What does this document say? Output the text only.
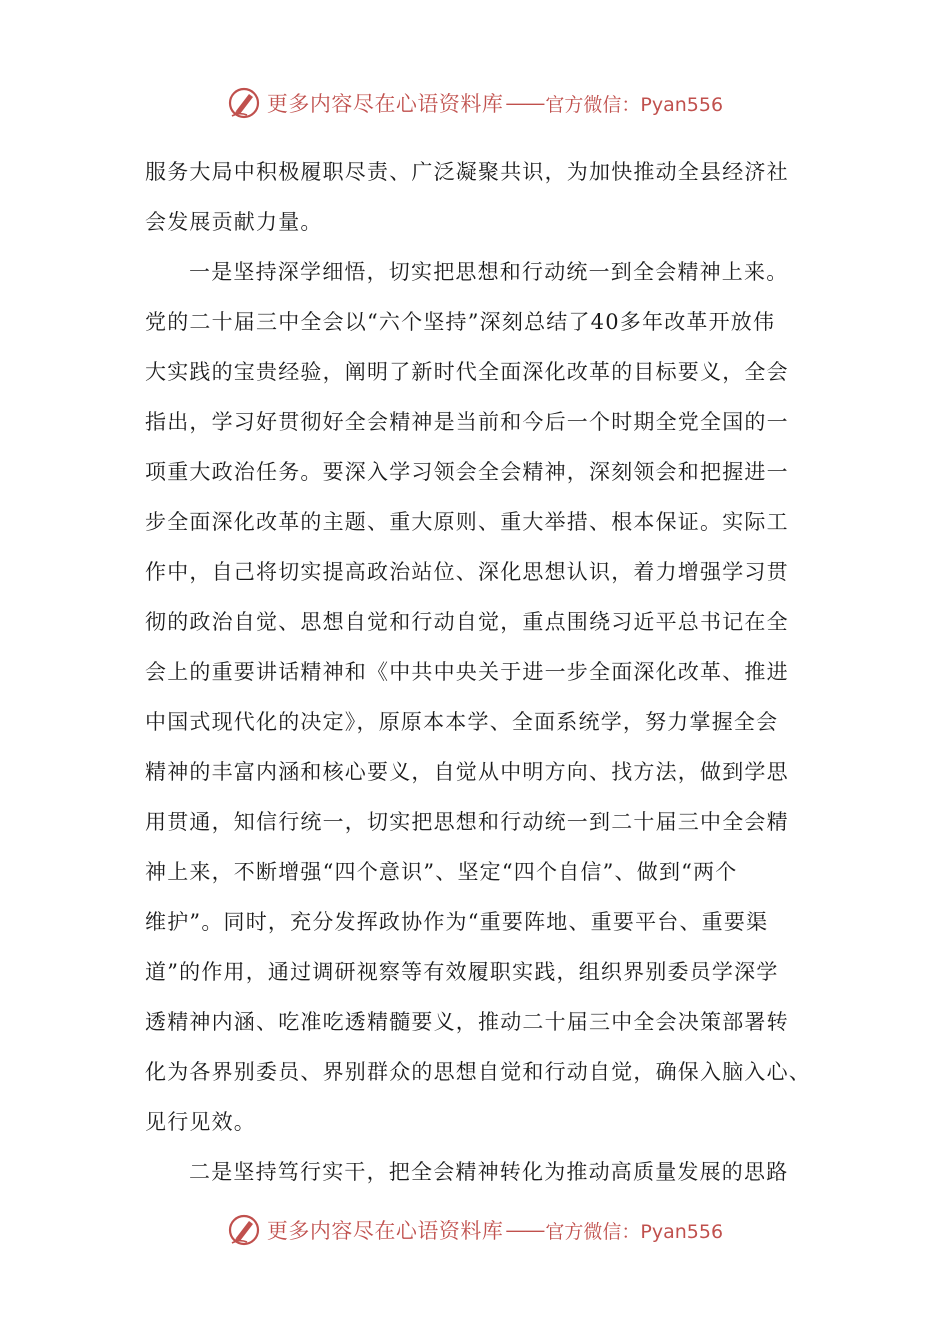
更多内容尽在心语资料库 —— 官方微信：Pyan556
服务大局中积极履职尽责、广泛凝聚共识，为加快推动全县经济社
会发展贡献力量。
一是坚持深学细悟，切实把思想和行动统一到全会精神上来。
党的二十届三中全会以“六个坚持”深刻总结了40多年改革开放伟
大实践的宝贵经验，阐明了新时代全面深化改革的目标要义，全会
指出，学习好贯彻好全会精神是当前和今后一个时期全党全国的一
项重大政治任务。要深入学习领会全会精神，深刻领会和把握进一
步全面深化改革的主题、重大原则、重大举措、根本保证。实际工
作中，自己将切实提高政治站位、深化思想认识，着力增强学习贯
彻的政治自觉、思想自觉和行动自觉，重点围绕习近平总书记在全
会上的重要讲话精神和《中共中央关于进一步全面深化改革、推进
中国式现代化的决定》，原原本本学、全面系统学，努力掌握全会
精神的丰富内涵和核心要义，自觉从中明方向、找方法，做到学思
用贯通，知信行统一，切实把思想和行动统一到二十届三中全会精
神上来，不断增强“四个意识”、坚定“四个自信”、做到“两个
维护”。同时，充分发挥政协作为“重要阵地、重要平台、重要渠
道”的作用，通过调研视察等有效履职实践，组织界别委员学深学
透精神内涵、吃准吃透精髓要义，推动二十届三中全会决策部署转
化为各界别委员、界别群众的思想自觉和行动自觉，确保入脑入心、
见行见效。
二是坚持笃行实干，把全会精神转化为推动高质量发展的思路
更多内容尽在心语资料库 —— 官方微信：Pyan556
